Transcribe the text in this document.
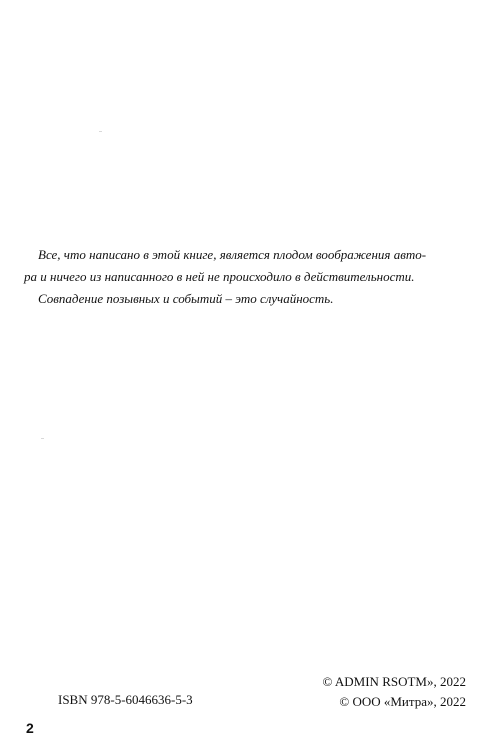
Все, что написано в этой книге, является плодом воображения авто-
ра и ничего из написанного в ней не происходило в действительности.
Совпадение позывных и событий – это случайность.
ISBN 978-5-6046636-5-3
© ADMIN RSOTM», 2022
© ООО «Митра», 2022
2
